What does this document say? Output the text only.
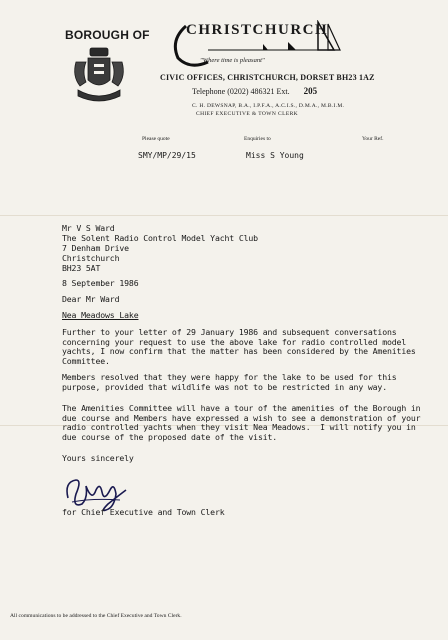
BOROUGH OF CHRISTCHURCH
"Where time is pleasant"
CIVIC OFFICES, CHRISTCHURCH, DORSET BH23 1AZ
Telephone (0202) 486321 Ext. 205
C. H. DEWSNAP, B.A., I.P.F.A., A.C.I.S., D.M.A., M.B.I.M.
CHIEF EXECUTIVE & TOWN CLERK
Please quote	Enquiries to	Your Ref.
SMY/MP/29/15	Miss S Young
Mr V S Ward
The Solent Radio Control Model Yacht Club
7 Denham Drive
Christchurch
BH23 5AT
8 September 1986
Dear Mr Ward
Nea Meadows Lake
Further to your letter of 29 January 1986 and subsequent conversations
concerning your request to use the above lake for radio controlled model
yachts, I now confirm that the matter has been considered by the Amenities
Committee.
Members resolved that they were happy for the lake to be used for this
purpose, provided that wildlife was not to be restricted in any way.
The Amenities Committee will have a tour of the amenities of the Borough in
due course and Members have expressed a wish to see a demonstration of your
radio controlled yachts when they visit Nea Meadows.  I will notify you in
due course of the proposed date of the visit.
Yours sincerely
for Chief Executive and Town Clerk
All communications to be addressed to the Chief Executive and Town Clerk.
